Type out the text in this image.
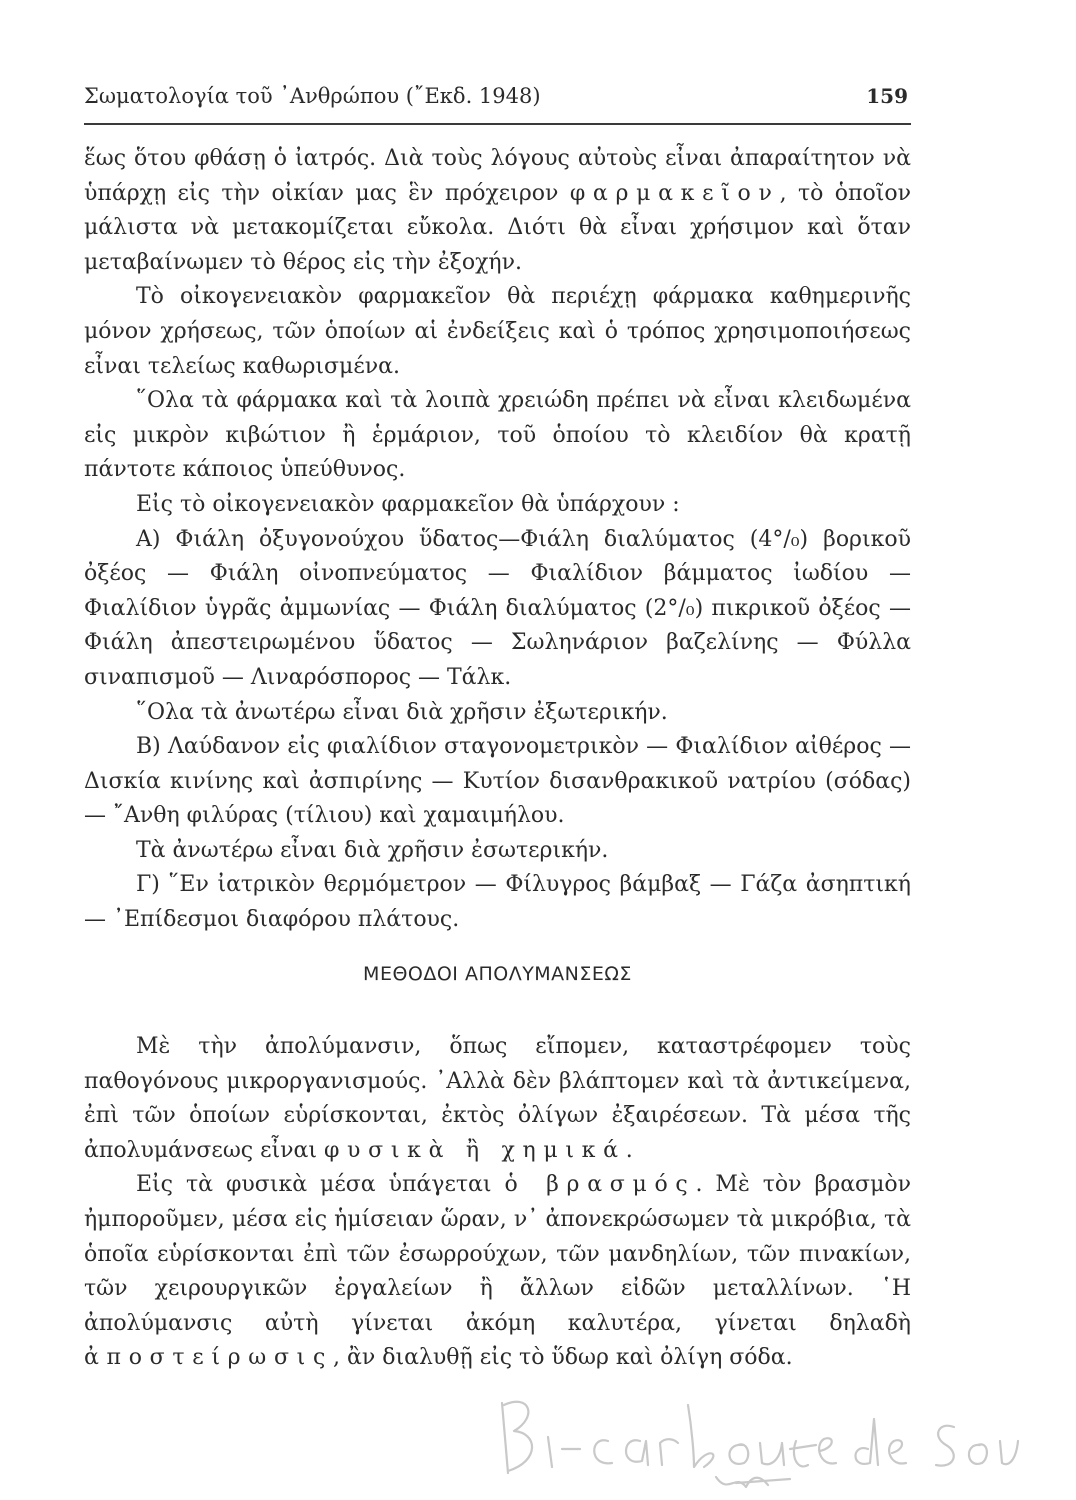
Σωματολογία τοῦ ᾿Ανθρώπου (῎Εκδ. 1948)	159

ἕως ὅτου φθάσῃ ὁ ἰατρός. Διὰ τοὺς λόγους αὐτοὺς εἶναι ἀπαραίτητον νὰ ὑπάρχῃ εἰς τὴν οἰκίαν μας ἓν πρόχειρον φαρμακεῖον, τὸ ὁποῖον μάλιστα νὰ μετακομίζεται εὔκολα. Διότι θὰ εἶναι χρήσιμον καὶ ὅταν μεταβαίνωμεν τὸ θέρος εἰς τὴν ἐξοχήν.

Τὸ οἰκογενειακὸν φαρμακεῖον θὰ περιέχῃ φάρμακα καθημερινῆς μόνον χρήσεως, τῶν ὁποίων αἱ ἐνδείξεις καὶ ὁ τρόπος χρησιμοποιήσεως εἶναι τελείως καθωρισμένα.

῞Ολα τὰ φάρμακα καὶ τὰ λοιπὰ χρειώδη πρέπει νὰ εἶναι κλειδωμένα εἰς μικρὸν κιβώτιον ἢ ἑρμάριον, τοῦ ὁποίου τὸ κλειδίον θὰ κρατῇ πάντοτε κάποιος ὑπεύθυνος.

Εἰς τὸ οἰκογενειακὸν φαρμακεῖον θὰ ὑπάρχουν :

Α) Φιάλη ὀξυγονούχου ὕδατος—Φιάλη διαλύματος (4°/₀) βορικοῦ ὀξέος — Φιάλη οἰνοπνεύματος — Φιαλίδιον βάμματος ἰωδίου — Φιαλίδιον ὑγρᾶς ἀμμωνίας — Φιάλη διαλύματος (2°/₀) πικρικοῦ ὀξέος — Φιάλη ἀπεστειρωμένου ὕδατος — Σωληνάριον βαζελίνης — Φύλλα σιναπισμοῦ — Λιναρόσπορος — Τάλκ.

῞Ολα τὰ ἀνωτέρω εἶναι διὰ χρῆσιν ἐξωτερικήν.

Β) Λαύδανον εἰς φιαλίδιον σταγονομετρικὸν — Φιαλίδιον αἰθέρος — Δισκία κινίνης καὶ ἀσπιρίνης — Κυτίον δισανθρακικοῦ νατρίου (σόδας) — ῎Ανθη φιλύρας (τίλιου) καὶ χαμαιμήλου.

Τὰ ἀνωτέρω εἶναι διὰ χρῆσιν ἐσωτερικήν.

Γ) ῞Εν ἰατρικὸν θερμόμετρον — Φίλυγρος βάμβαξ — Γάζα ἀσηπτική — ᾿Επίδεσμοι διαφόρου πλάτους.

ΜΕΘΟΔΟΙ ΑΠΟΛΥΜΑΝΣΕΩΣ

Μὲ τὴν ἀπολύμανσιν, ὅπως εἴπομεν, καταστρέφομεν τοὺς παθογόνους μικροργανισμούς. ᾿Αλλὰ δὲν βλάπτομεν καὶ τὰ ἀντικείμενα, ἐπὶ τῶν ὁποίων εὑρίσκονται, ἐκτὸς ὀλίγων ἐξαιρέσεων. Τὰ μέσα τῆς ἀπολυμάνσεως εἶναι φυσικὰ ἢ χημικά.

Εἰς τὰ φυσικὰ μέσα ὑπάγεται ὁ βρασμός. Μὲ τὸν βρασμὸν ἠμποροῦμεν, μέσα εἰς ἡμίσειαν ὥραν, ν᾿ ἀπονεκρώσωμεν τὰ μικρόβια, τὰ ὁποῖα εὑρίσκονται ἐπὶ τῶν ἐσωρρούχων, τῶν μανδηλίων, τῶν πινακίων, τῶν χειρουργικῶν ἐργαλείων ἢ ἄλλων εἰδῶν μεταλλίνων. ῾Η ἀπολύμανσις αὐτὴ γίνεται ἀκόμη καλυτέρα, γίνεται δηλαδὴ ἀποστείρωσις, ἂν διαλυθῇ εἰς τὸ ὕδωρ καὶ ὀλίγη σόδα.
